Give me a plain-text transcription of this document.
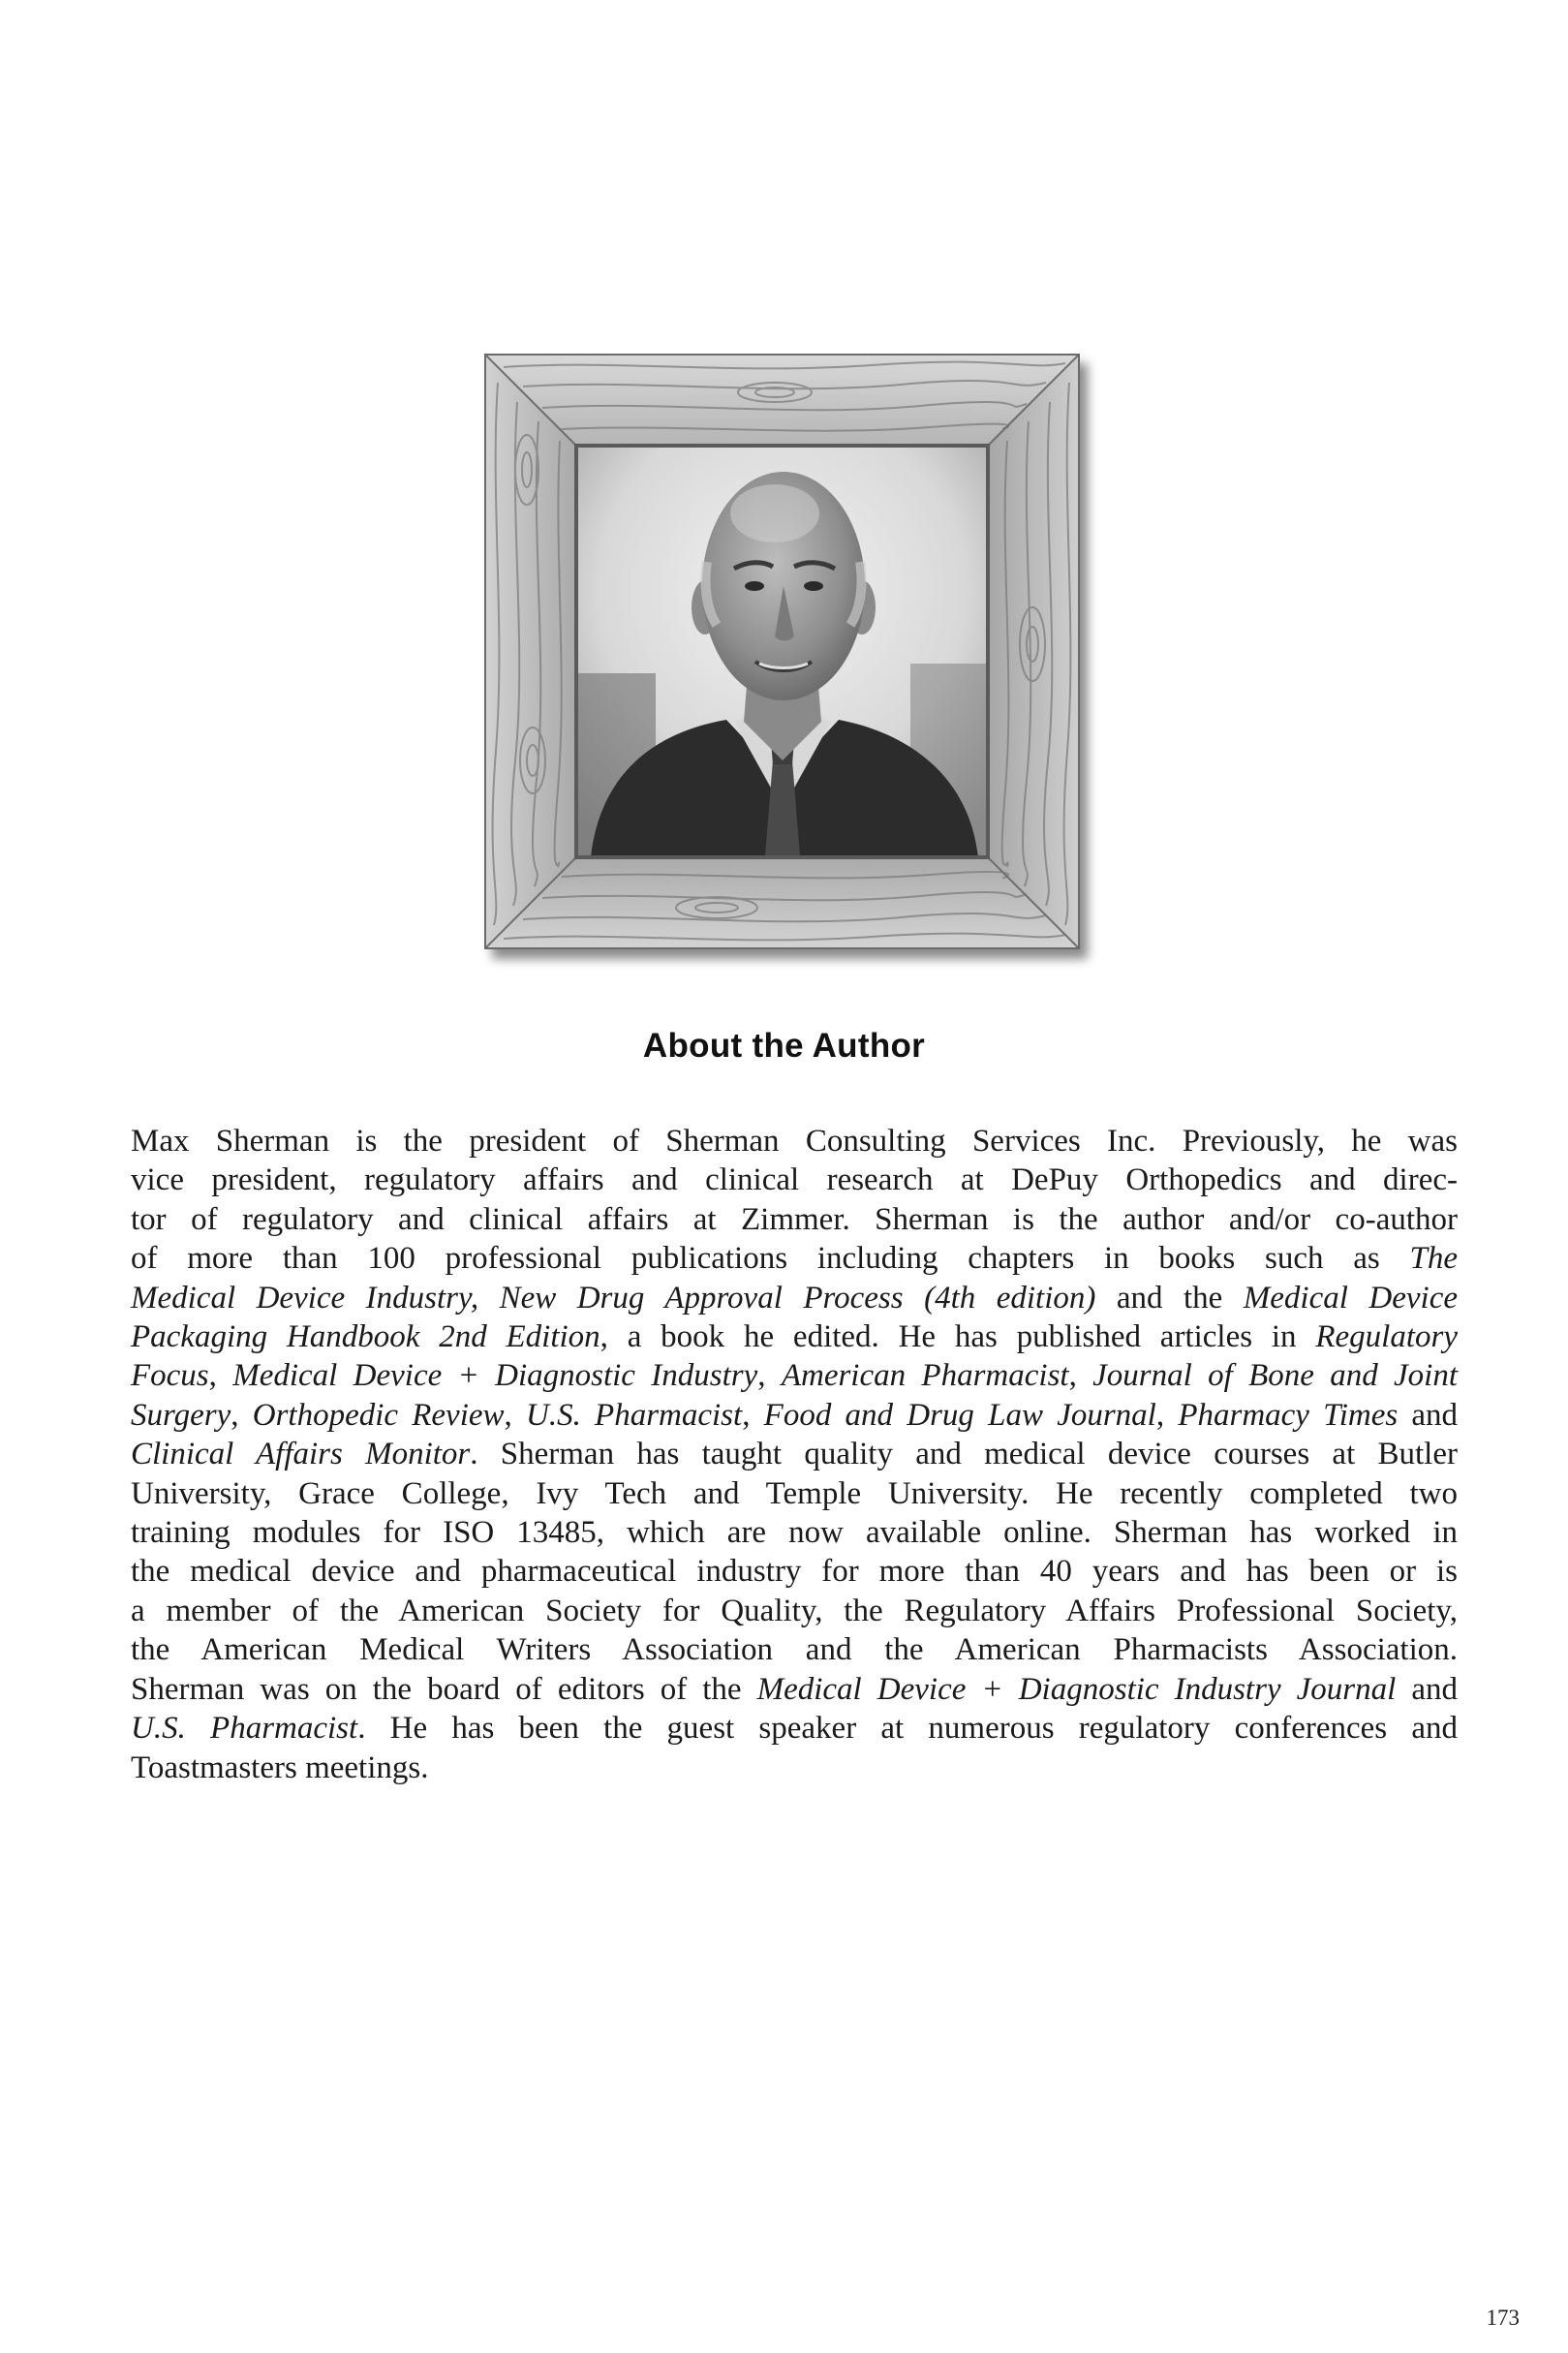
About the Author
Max Sherman is the president of Sherman Consulting Services Inc. Previously, he was
vice president, regulatory affairs and clinical research at DePuy Orthopedics and direc-
tor of regulatory and clinical affairs at Zimmer. Sherman is the author and/or co-author
of more than 100 professional publications including chapters in books such as The
Medical Device Industry, New Drug Approval Process (4th edition) and the Medical Device
Packaging Handbook 2nd Edition, a book he edited. He has published articles in Regulatory
Focus, Medical Device + Diagnostic Industry, American Pharmacist, Journal of Bone and Joint
Surgery, Orthopedic Review, U.S. Pharmacist, Food and Drug Law Journal, Pharmacy Times and
Clinical Affairs Monitor. Sherman has taught quality and medical device courses at Butler
University, Grace College, Ivy Tech and Temple University. He recently completed two
training modules for ISO 13485, which are now available online. Sherman has worked in
the medical device and pharmaceutical industry for more than 40 years and has been or is
a member of the American Society for Quality, the Regulatory Affairs Professional Society,
the American Medical Writers Association and the American Pharmacists Association.
Sherman was on the board of editors of the Medical Device + Diagnostic Industry Journal and
U.S. Pharmacist. He has been the guest speaker at numerous regulatory conferences and
Toastmasters meetings.
173
